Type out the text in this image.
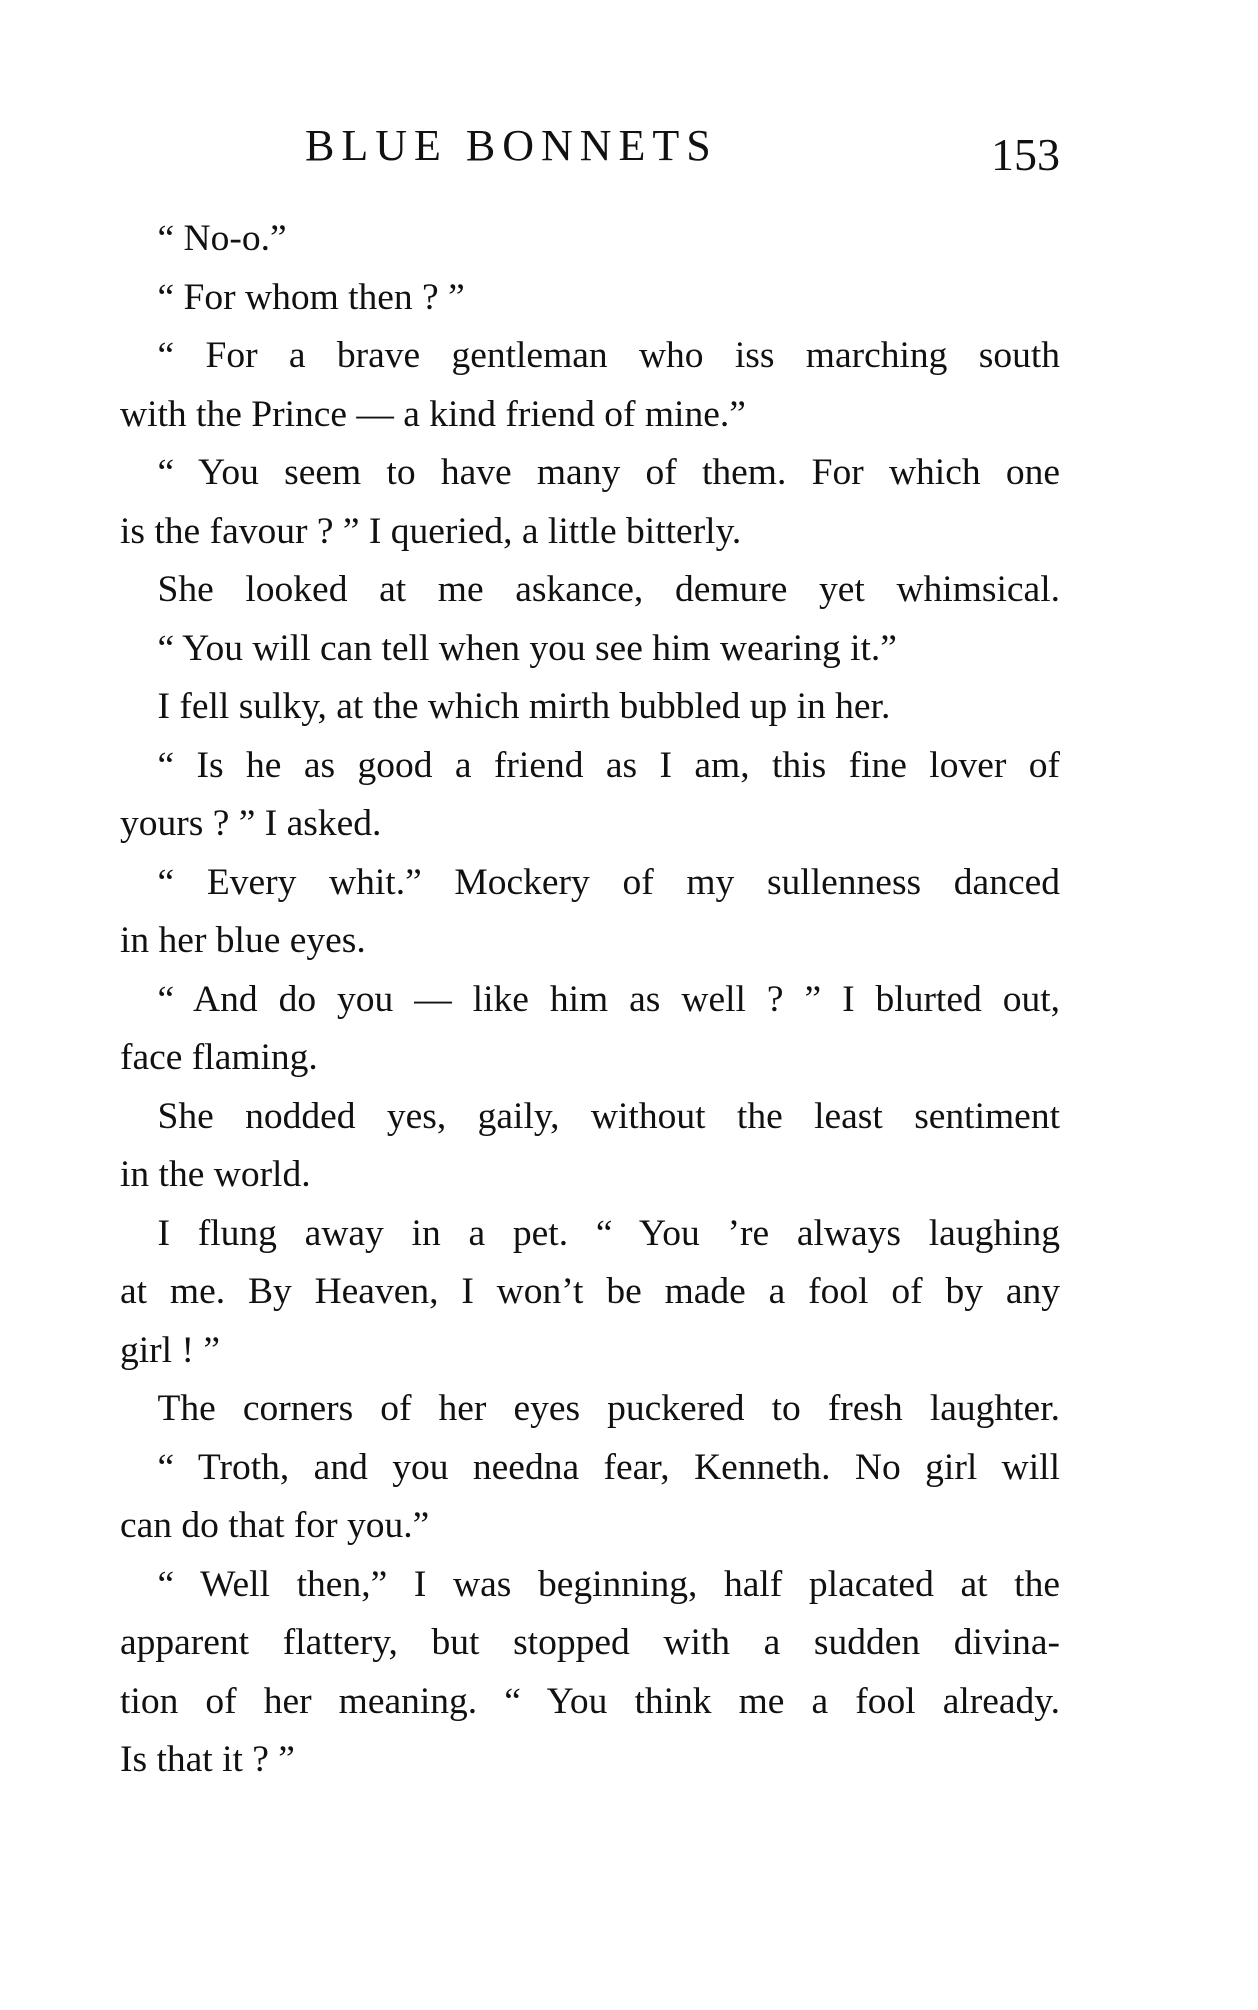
BLUE BONNETS	153
“ No-o.”
“ For whom then ? ”
“ For a brave gentleman who iss marching south
with the Prince — a kind friend of mine.”
“ You seem to have many of them. For which one
is the favour ? ” I queried, a little bitterly.
She looked at me askance, demure yet whimsical.
“ You will can tell when you see him wearing it.”
I fell sulky, at the which mirth bubbled up in her.
“ Is he as good a friend as I am, this fine lover of
yours ? ” I asked.
“ Every whit.” Mockery of my sullenness danced
in her blue eyes.
“ And do you — like him as well ? ” I blurted out,
face flaming.
She nodded yes, gaily, without the least sentiment
in the world.
I flung away in a pet. “ You ’re always laughing
at me. By Heaven, I won’t be made a fool of by any
girl ! ”
The corners of her eyes puckered to fresh laughter.
“ Troth, and you needna fear, Kenneth. No girl will
can do that for you.”
“ Well then,” I was beginning, half placated at the
apparent flattery, but stopped with a sudden divina-
tion of her meaning. “ You think me a fool already.
Is that it ? ”
